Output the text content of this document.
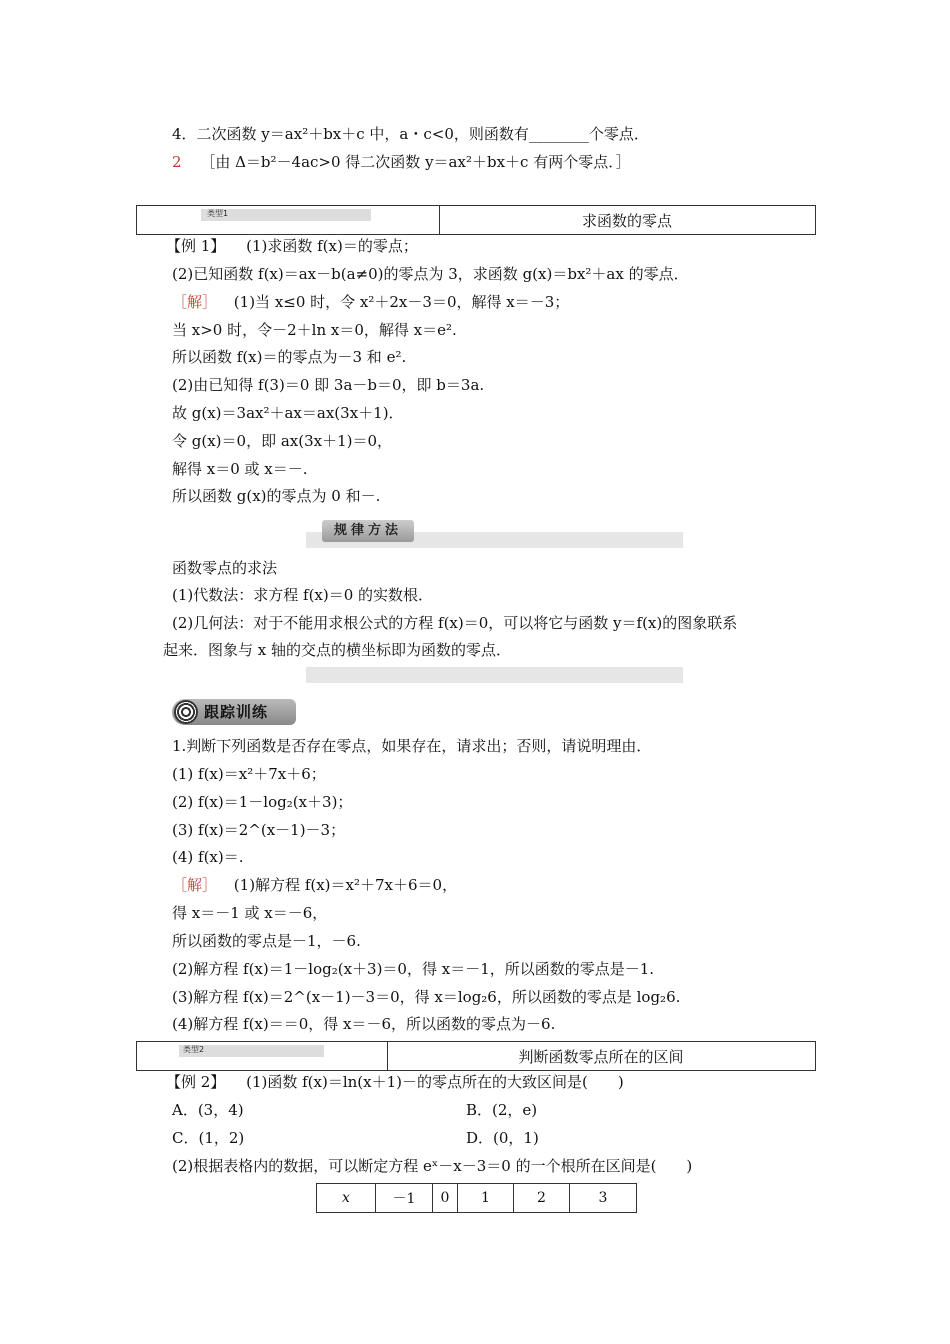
4．二次函数 y＝ax²＋bx＋c 中，a・c<0，则函数有________个零点．
2 ［由 Δ＝b²－4ac>0 得二次函数 y＝ax²＋bx＋c 有两个零点．］
类型1	求函数的零点
【例 1】 (1)求函数 f(x)＝的零点；
(2)已知函数 f(x)＝ax－b(a≠0)的零点为 3，求函数 g(x)＝bx²＋ax 的零点．
［解］ (1)当 x≤0 时，令 x²＋2x－3＝0，解得 x＝－3；
当 x>0 时，令－2＋ln x＝0，解得 x＝e².
所以函数 f(x)＝的零点为－3 和 e².
(2)由已知得 f(3)＝0 即 3a－b＝0，即 b＝3a.
故 g(x)＝3ax²＋ax＝ax(3x＋1)．
令 g(x)＝0，即 ax(3x＋1)＝0，
解得 x＝0 或 x＝－.
所以函数 g(x)的零点为 0 和－.
规律方法
函数零点的求法
(1)代数法：求方程 f(x)＝0 的实数根．
(2)几何法：对于不能用求根公式的方程 f(x)＝0，可以将它与函数 y＝f(x)的图象联系
起来．图象与 x 轴的交点的横坐标即为函数的零点．
跟踪训练
1.判断下列函数是否存在零点，如果存在，请求出；否则，请说明理由．
(1) f(x)＝x²＋7x＋6；
(2) f(x)＝1－log₂(x＋3)；
(3) f(x)＝2^(x－1)－3；
(4) f(x)＝.
［解］ (1)解方程 f(x)＝x²＋7x＋6＝0，
得 x＝－1 或 x＝－6，
所以函数的零点是－1，－6.
(2)解方程 f(x)＝1－log₂(x＋3)＝0，得 x＝－1，所以函数的零点是－1.
(3)解方程 f(x)＝2^(x－1)－3＝0，得 x＝log₂6，所以函数的零点是 log₂6.
(4)解方程 f(x)＝＝0，得 x＝－6，所以函数的零点为－6.
类型2	判断函数零点所在的区间
【例 2】 (1)函数 f(x)＝ln(x＋1)－的零点所在的大致区间是(　　)
A．(3，4)	B．(2，e)
C．(1，2)	D．(0，1)
(2)根据表格内的数据，可以断定方程 eˣ－x－3＝0 的一个根所在区间是(　　)
x	－1	0	1	2	3
